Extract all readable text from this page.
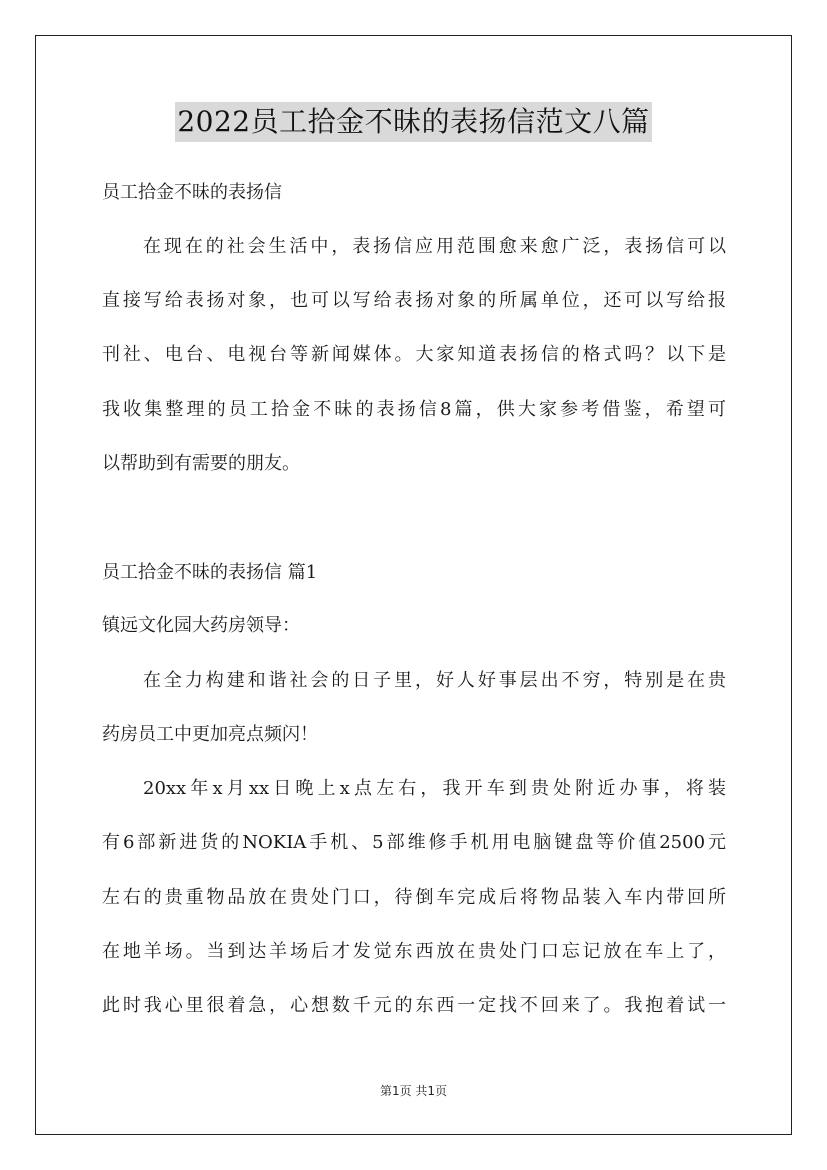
2022员工拾金不昧的表扬信范文八篇
员工拾金不昧的表扬信
在现在的社会生活中，表扬信应用范围愈来愈广泛，表扬信可以
直接写给表扬对象，也可以写给表扬对象的所属单位，还可以写给报
刊社、电台、电视台等新闻媒体。大家知道表扬信的格式吗？以下是
我收集整理的员工拾金不昧的表扬信8篇，供大家参考借鉴，希望可
以帮助到有需要的朋友。
员工拾金不昧的表扬信 篇1
镇远文化园大药房领导：
在全力构建和谐社会的日子里，好人好事层出不穷，特别是在贵
药房员工中更加亮点频闪！
20xx年x月xx日晚上x点左右，我开车到贵处附近办事，将装
有6部新进货的NOKIA手机、5部维修手机用电脑键盘等价值2500元
左右的贵重物品放在贵处门口，待倒车完成后将物品装入车内带回所
在地羊场。当到达羊场后才发觉东西放在贵处门口忘记放在车上了，
此时我心里很着急，心想数千元的东西一定找不回来了。我抱着试一
第1页 共1页
